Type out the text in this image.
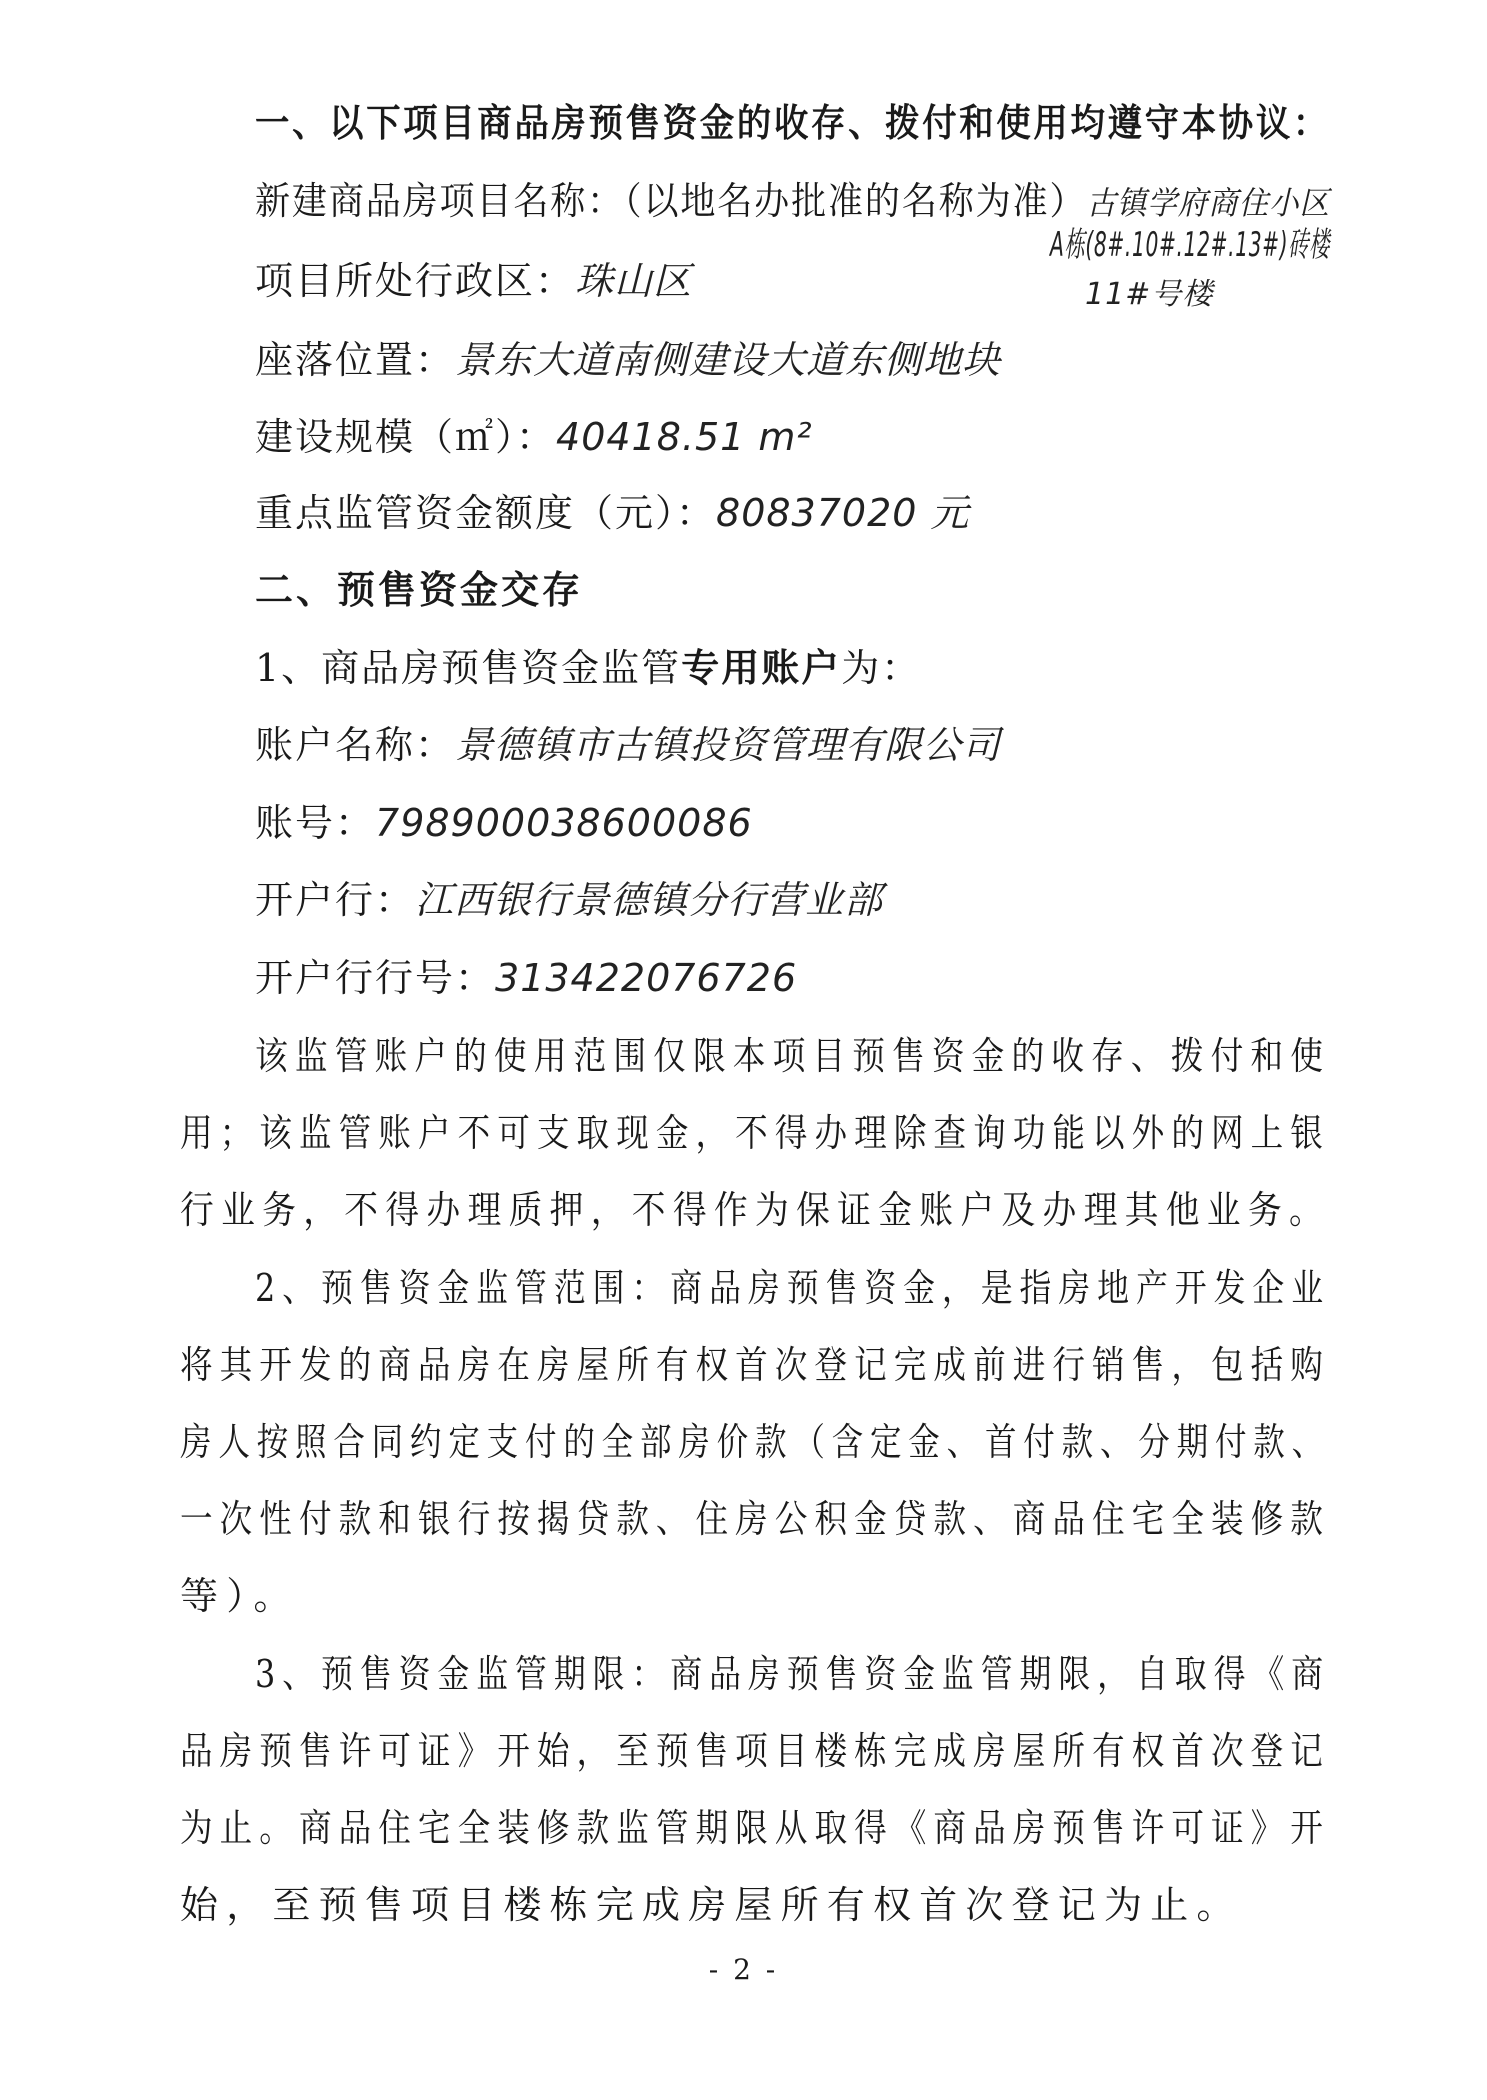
一、以下项目商品房预售资金的收存、拨付和使用均遵守本协议：
新建商品房项目名称：（以地名办批准的名称为准）古镇学府商住小区
A栋(8#.10#.12#.13#)砖楼
11#号楼
项目所处行政区：珠山区
座落位置：景东大道南侧建设大道东侧地块
建设规模（㎡）：40418.51 m²
重点监管资金额度（元）：80837020 元
二、预售资金交存
1、商品房预售资金监管专用账户为：
账户名称：景德镇市古镇投资管理有限公司
账号：798900038600086
开户行：江西银行景德镇分行营业部
开户行行号：313422076726
该监管账户的使用范围仅限本项目预售资金的收存、拨付和使
用；该监管账户不可支取现金，不得办理除查询功能以外的网上银
行业务，不得办理质押，不得作为保证金账户及办理其他业务。
2、预售资金监管范围：商品房预售资金，是指房地产开发企业
将其开发的商品房在房屋所有权首次登记完成前进行销售，包括购
房人按照合同约定支付的全部房价款（含定金、首付款、分期付款、
一次性付款和银行按揭贷款、住房公积金贷款、商品住宅全装修款
等）。
3、预售资金监管期限：商品房预售资金监管期限，自取得《商
品房预售许可证》开始，至预售项目楼栋完成房屋所有权首次登记
为止。商品住宅全装修款监管期限从取得《商品房预售许可证》开
始，至预售项目楼栋完成房屋所有权首次登记为止。
- 2 -
